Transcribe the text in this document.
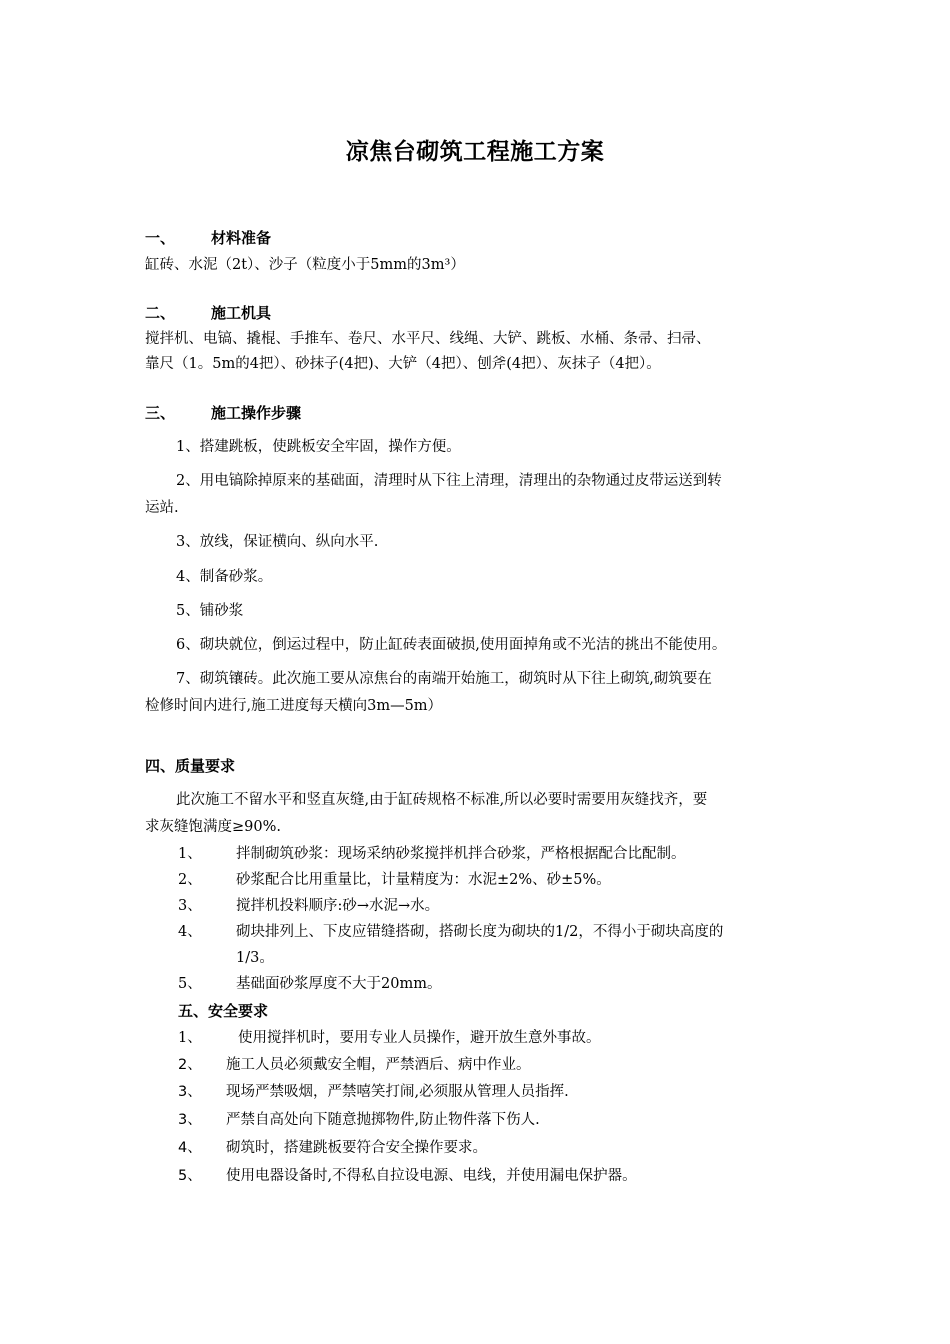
凉焦台砌筑工程施工方案
一、 材料准备
缸砖、水泥（2t）、沙子（粒度小于5mm的3m³）
二、 施工机具
搅拌机、电镐、撬棍、手推车、卷尺、水平尺、线绳、大铲、跳板、水桶、条帚、扫帚、
靠尺（1。5m的4把）、砂抹子(4把)、大铲（4把）、刨斧(4把）、灰抹子（4把）。
三、 施工操作步骤
1、搭建跳板，使跳板安全牢固，操作方便。
2、用电镐除掉原来的基础面，清理时从下往上清理，清理出的杂物通过皮带运送到转
运站.
3、放线，保证横向、纵向水平.
4、制备砂浆。
5、铺砂浆
6、砌块就位，倒运过程中，防止缸砖表面破损,使用面掉角或不光洁的挑出不能使用。
7、砌筑镶砖。此次施工要从凉焦台的南端开始施工，砌筑时从下往上砌筑,砌筑要在
检修时间内进行,施工进度每天横向3m—5m）
四、质量要求
此次施工不留水平和竖直灰缝,由于缸砖规格不标准,所以必要时需要用灰缝找齐，要
求灰缝饱满度≥90%.
1、 拌制砌筑砂浆：现场采纳砂浆搅拌机拌合砂浆，严格根据配合比配制。
2、 砂浆配合比用重量比，计量精度为：水泥±2%、砂±5%。
3、 搅拌机投料顺序:砂→水泥→水。
4、 砌块排列上、下皮应错缝搭砌，搭砌长度为砌块的1/2，不得小于砌块高度的
1/3。
5、 基础面砂浆厚度不大于20mm。
五、安全要求
1、	使用搅拌机时，要用专业人员操作，避开放生意外事故。
2、 施工人员必须戴安全帽，严禁酒后、病中作业。
3、 现场严禁吸烟，严禁嘻笑打闹,必须服从管理人员指挥.
3、 严禁自高处向下随意抛掷物件,防止物件落下伤人.
4、 砌筑时，搭建跳板要符合安全操作要求。
5、 使用电器设备时,不得私自拉设电源、电线，并使用漏电保护器。
